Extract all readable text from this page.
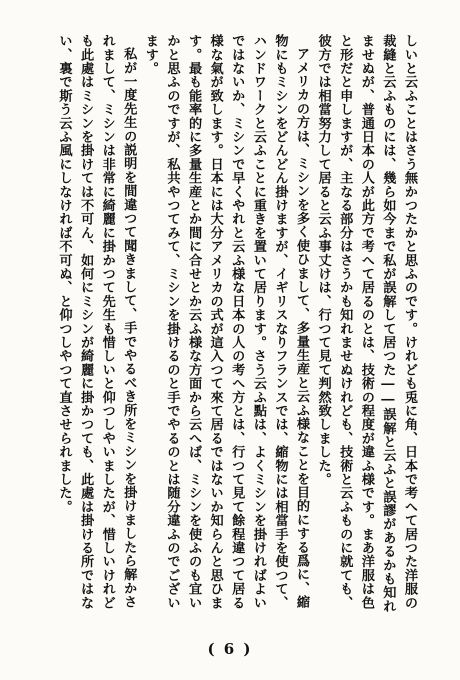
しいと云ふことはさう無かつたかと思ふのです。けれども兎に角、日本で考へて居つた洋服の裁縫と云ふものには、幾ら如今まで私が誤解して居つた――誤解と云ふと誤謬があるかも知れませぬが、普通日本の人が此方で考へて居るのとは、技術の程度が違ふ様です。まあ洋服は色と形だと申しますが、主なる部分はさうかも知れませぬけれども、技術と云ふものに就ても、彼方では相當努力して居ると云ふ事丈けは、行つて見て判然致しました。

アメリカの方は、ミシンを多く使ひまして、多量生産と云ふ様なことを目的にする爲に、縮物にもミシンをどんどん掛けますが、イギリスなりフランスでは、縮物には相當手を使つて、ハンドワークと云ふことに重きを置いて居ります。さう云ふ點は、よくミシンを掛ければよいではないか、ミシンで早くやれと云ふ様な日本の人の考へ方とは、行つて見て餘程違つて居る様な氣が致します。日本には大分アメリカの式が這入つて來て居るではないか知らんと思ひます。最も能率的に多量生産とか間に合せとか云ふ様な方面から云へば、ミシンを使ふのも宜いかと思ふのですが、私共やつてみて、ミシンを掛けるのと手でやるのとは随分違ふのでございます。

私が一度先生の説明を間違つて聞きまして、手でやるべき所をミシンを掛けましたら解かされまして、ミシンは非常に綺麗に掛かつて先生も惜しいと仰つしやいましたが、惜しいけれども此處はミシンを掛けては不可ん、如何にミシンが綺麗に掛かつても、此處は掛ける所ではない、裏で斯う云ふ風にしなければ不可ぬ、と仰つしやつて直させられました。

( 6 )
